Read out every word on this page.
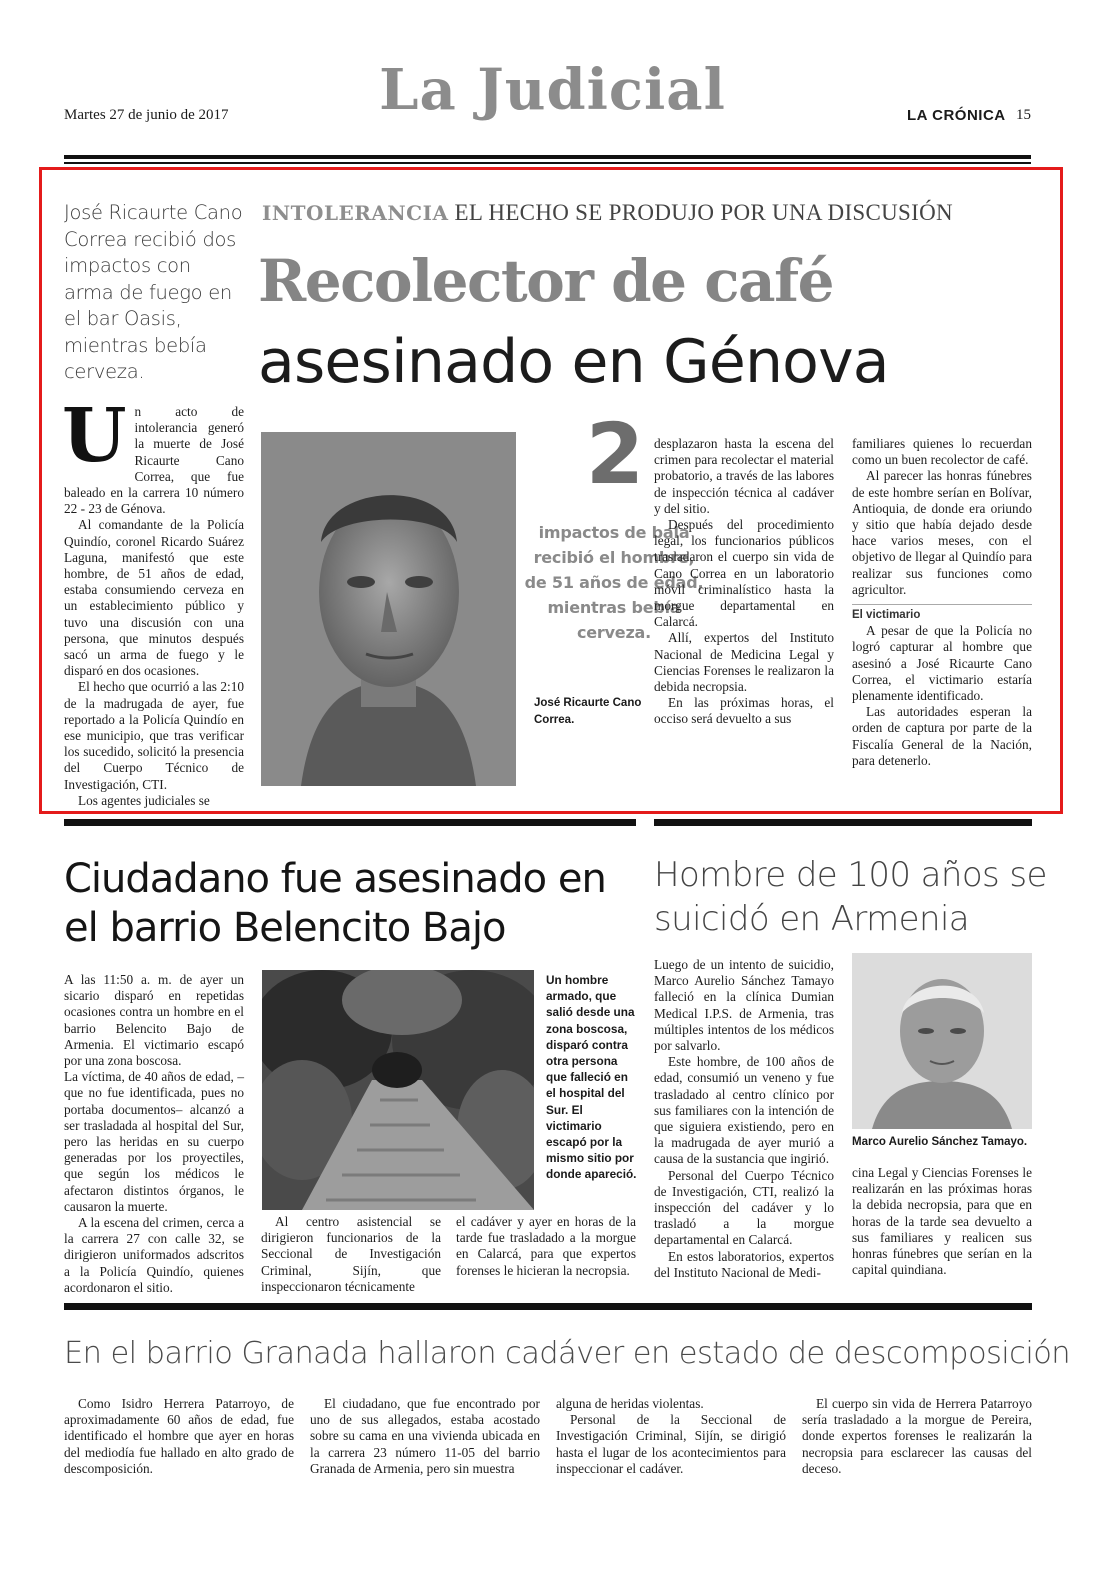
Martes 27 de junio de 2017	La Judicial	LA CRÓNICA 15
José Ricaurte Cano Correa recibió dos impactos con arma de fuego en el bar Oasis, mientras bebía cerveza.
INTOLERANCIA EL HECHO SE PRODUJO POR UNA DISCUSIÓN
Recolector de café
asesinado en Génova
U n acto de intolerancia generó la muerte de José Ricaurte Cano Correa, que fue baleado en la carrera 10 número 22 - 23 de Génova.

Al comandante de la Policía Quindío, coronel Ricardo Suárez Laguna, manifestó que este hombre, de 51 años de edad, estaba consumiendo cerveza en un establecimiento público y tuvo una discusión con una persona, que minutos después sacó un arma de fuego y le disparó en dos ocasiones.

El hecho que ocurrió a las 2:10 de la madrugada de ayer, fue reportado a la Policía Quindío en ese municipio, que tras verificar los sucedido, solicitó la presencia del Cuerpo Técnico de Investigación, CTI.

Los agentes judiciales se

2
impactos de bala recibió el hombre, de 51 años de edad, mientras bebía cerveza.
José Ricaurte Cano Correa.

desplazaron hasta la escena del crimen para recolectar el material probatorio, a través de las labores de inspección técnica al cadáver y del sitio.

Después del procedimiento legal, los funcionarios públicos trasladaron el cuerpo sin vida de Cano Correa en un laboratorio móvil criminalístico hasta la morgue departamental en Calarcá.

Allí, expertos del Instituto Nacional de Medicina Legal y Ciencias Forenses le realizaron la debida necropsia.

En las próximas horas, el occiso será devuelto a sus

familiares quienes lo recuerdan como un buen recolector de café.

Al parecer las honras fúnebres de este hombre serían en Bolívar, Antioquia, de donde era oriundo y sitio que había dejado desde hace varios meses, con el objetivo de llegar al Quindío para realizar sus funciones como agricultor.

El victimario

A pesar de que la Policía no logró capturar al hombre que asesinó a José Ricaurte Cano Correa, el victimario estaría plenamente identificado.

Las autoridades esperan la orden de captura por parte de la Fiscalía General de la Nación, para detenerlo.

Ciudadano fue asesinado en el barrio Belencito Bajo

A las 11:50 a. m. de ayer un sicario disparó en repetidas ocasiones contra un hombre en el barrio Belencito Bajo de Armenia. El victimario escapó por una zona boscosa.

La víctima, de 40 años de edad, –que no fue identificada, pues no portaba documentos– alcanzó a ser trasladada al hospital del Sur, pero las heridas en su cuerpo generadas por los proyectiles, que según los médicos le afectaron distintos órganos, le causaron la muerte.

A la escena del crimen, cerca a la carrera 27 con calle 32, se dirigieron uniformados adscritos a la Policía Quindío, quienes acordonaron el sitio.

Un hombre armado, que salió desde una zona boscosa, disparó contra otra persona que falleció en el hospital del Sur. El victimario escapó por la mismo sitio por donde apareció.

Al centro asistencial se dirigieron funcionarios de la Seccional de Investigación Criminal, Sijín, que inspeccionaron técnicamente

el cadáver y ayer en horas de la tarde fue trasladado a la morgue en Calarcá, para que expertos forenses le hicieran la necropsia.

Hombre de 100 años se suicidó en Armenia

Luego de un intento de suicidio, Marco Aurelio Sánchez Tamayo falleció en la clínica Dumian Medical I.P.S. de Armenia, tras múltiples intentos de los médicos por salvarlo.

Este hombre, de 100 años de edad, consumió un veneno y fue trasladado al centro clínico por sus familiares con la intención de que siguiera existiendo, pero en la madrugada de ayer murió a causa de la sustancia que ingirió.

Personal del Cuerpo Técnico de Investigación, CTI, realizó la inspección del cadáver y lo trasladó a la morgue departamental en Calarcá.

En estos laboratorios, expertos del Instituto Nacional de Medi-

Marco Aurelio Sánchez Tamayo.

cina Legal y Ciencias Forenses le realizarán en las próximas horas la debida necropsia, para que en horas de la tarde sea devuelto a sus familiares y realicen sus honras fúnebres que serían en la capital quindiana.

En el barrio Granada hallaron cadáver en estado de descomposición

Como Isidro Herrera Patarroyo, de aproximadamente 60 años de edad, fue identificado el hombre que ayer en horas del mediodía fue hallado en alto grado de descomposición.

El ciudadano, que fue encontrado por uno de sus allegados, estaba acostado sobre su cama en una vivienda ubicada en la carrera 23 número 11-05 del barrio Granada de Armenia, pero sin muestra

alguna de heridas violentas.

Personal de la Seccional de Investigación Criminal, Sijín, se dirigió hasta el lugar de los acontecimientos para inspeccionar el cadáver.

El cuerpo sin vida de Herrera Patarroyo sería trasladado a la morgue de Pereira, donde expertos forenses le realizarán la necropsia para esclarecer las causas del deceso.
